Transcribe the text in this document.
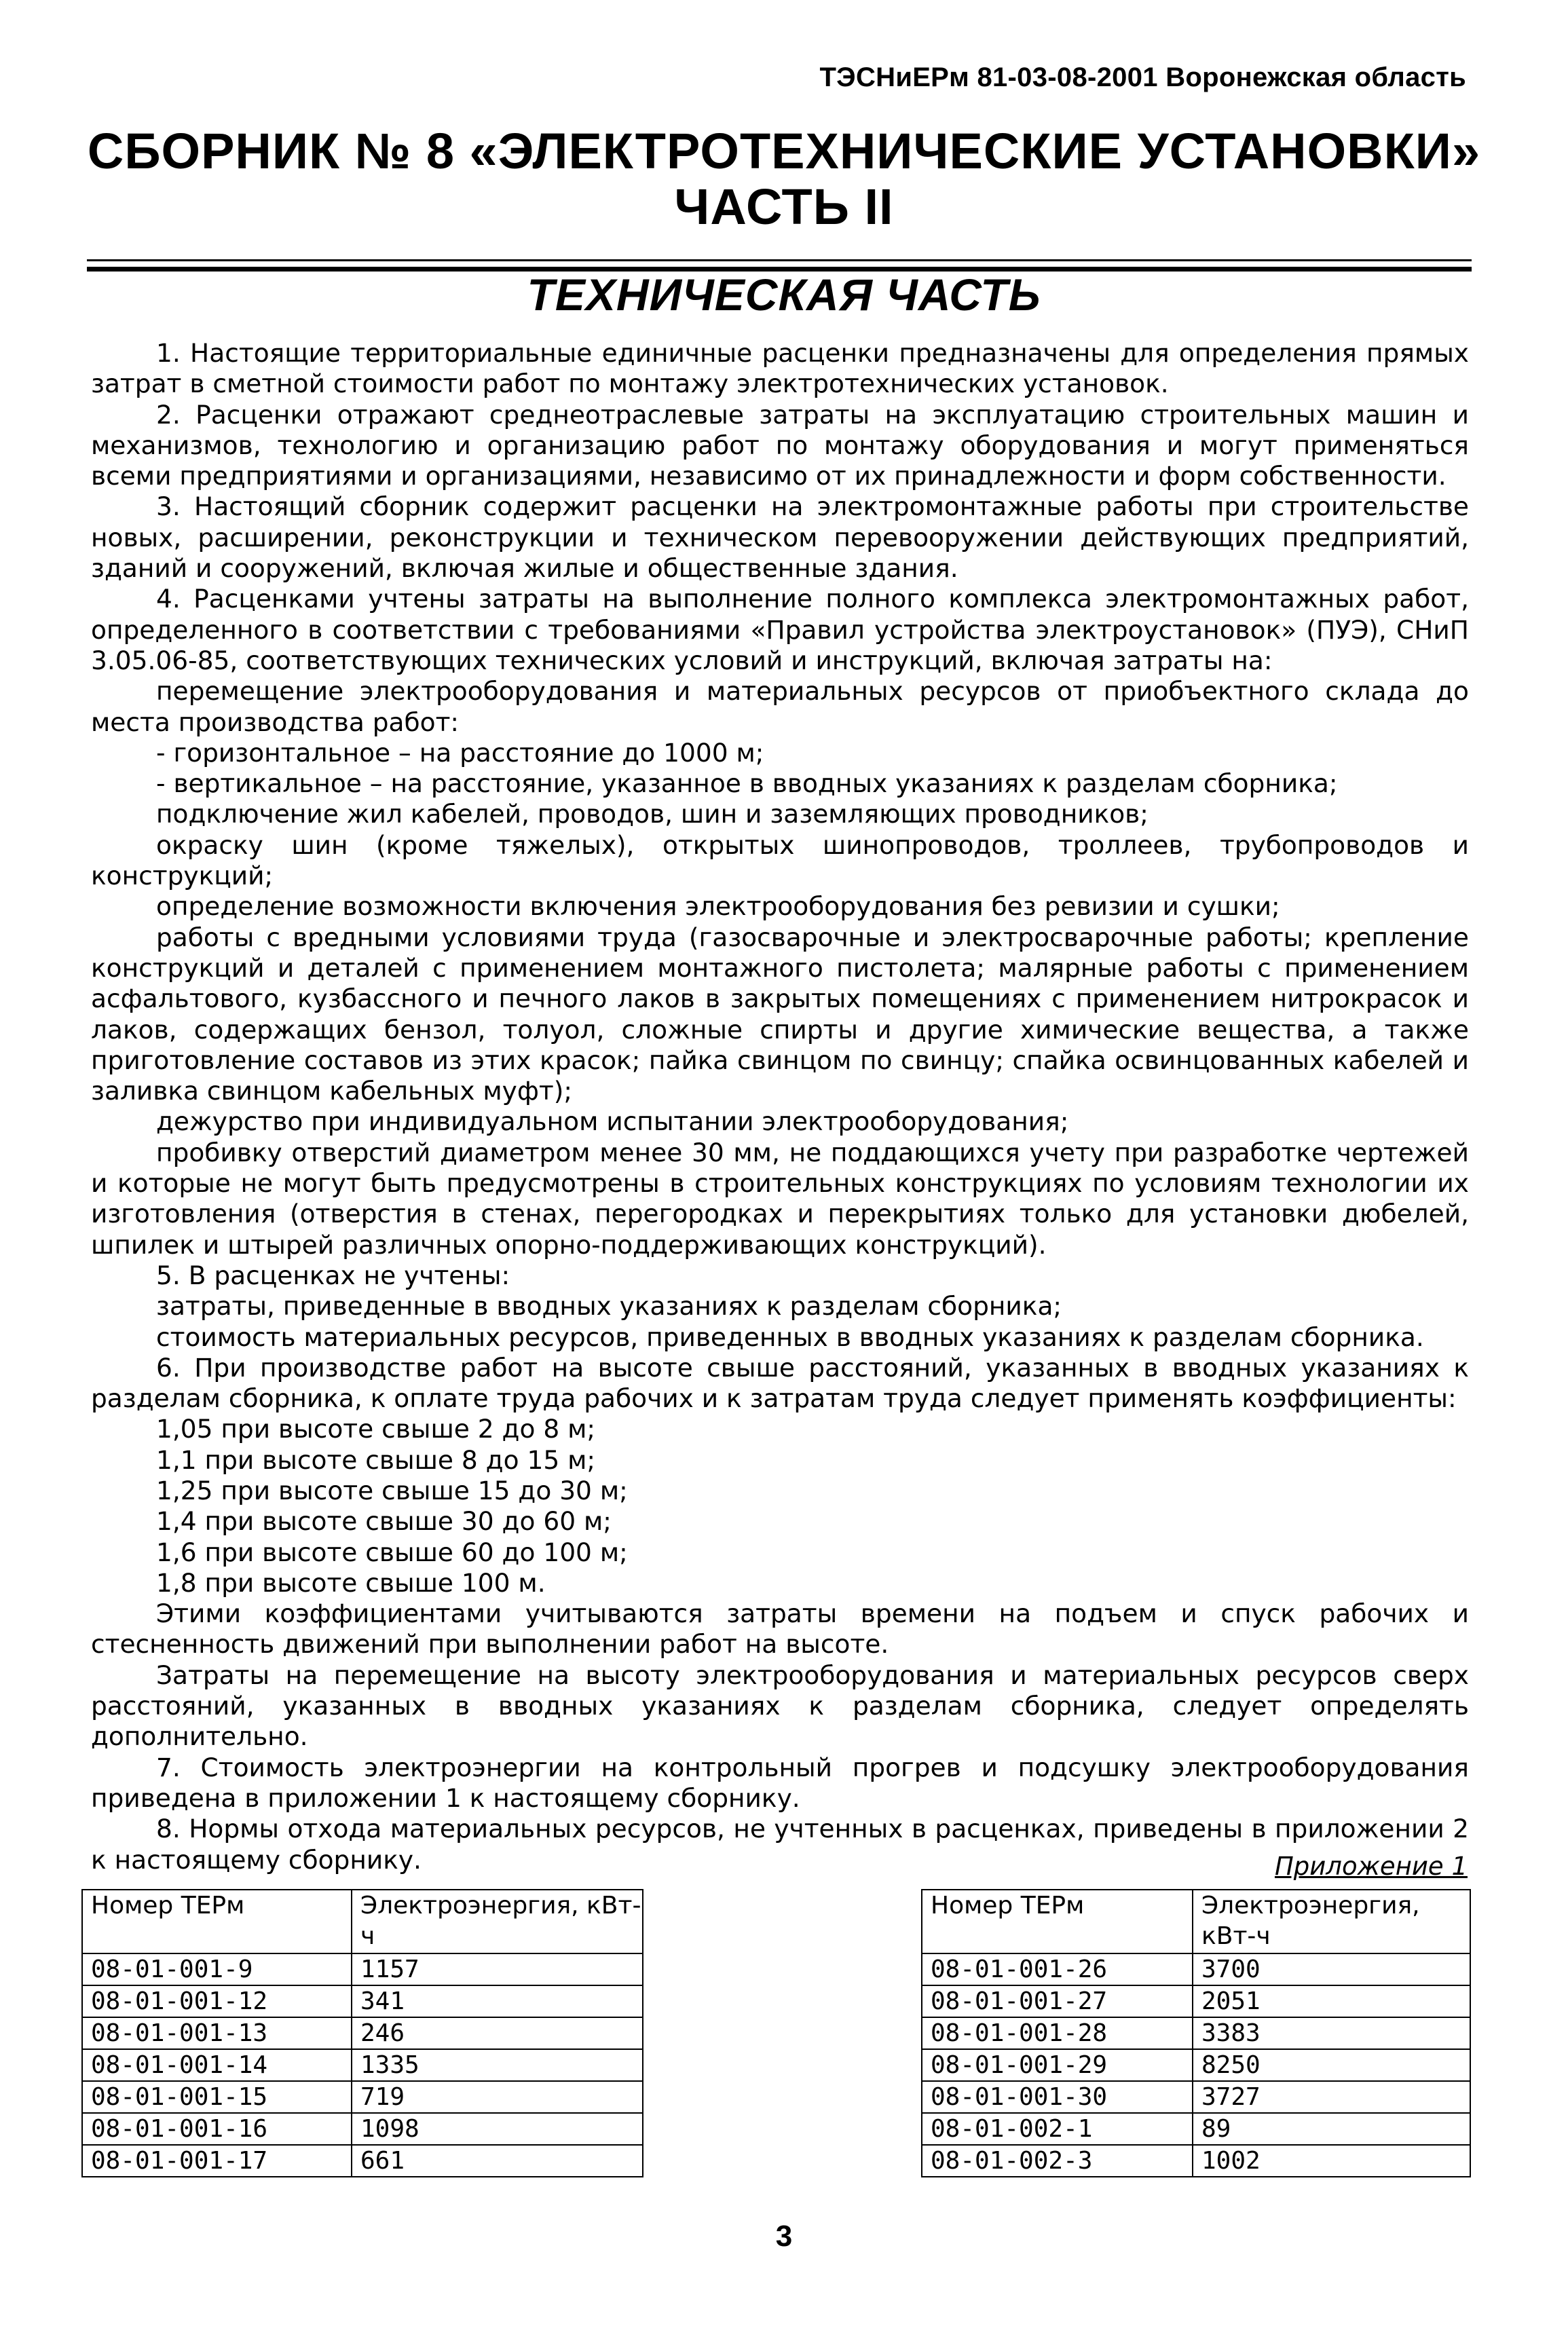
ТЭСНиЕРм 81-03-08-2001 Воронежская область
СБОРНИК № 8 «ЭЛЕКТРОТЕХНИЧЕСКИЕ УСТАНОВКИ»
ЧАСТЬ II
ТЕХНИЧЕСКАЯ ЧАСТЬ

1. Настоящие территориальные единичные расценки предназначены для определения прямых затрат в сметной стоимости работ по монтажу электротехнических установок.

2. Расценки отражают среднеотраслевые затраты на эксплуатацию строительных машин и механизмов, технологию и организацию работ по монтажу оборудования и могут применяться всеми предприятиями и организациями, независимо от их принадлежности и форм собственности.

3. Настоящий сборник содержит расценки на электромонтажные работы при строительстве новых, расширении, реконструкции и техническом перевооружении действующих предприятий, зданий и сооружений, включая жилые и общественные здания.

4. Расценками учтены затраты на выполнение полного комплекса электромонтажных работ, определенного в соответствии с требованиями «Правил устройства электроустановок» (ПУЭ), СНиП 3.05.06-85, соответствующих технических условий и инструкций, включая затраты на:

перемещение электрооборудования и материальных ресурсов от приобъектного склада до места производства работ:

- горизонтальное – на расстояние до 1000 м;

- вертикальное – на расстояние, указанное в вводных указаниях к разделам сборника;

подключение жил кабелей, проводов, шин и заземляющих проводников;

окраску шин (кроме тяжелых), открытых шинопроводов, троллеев, трубопроводов и конструкций;

определение возможности включения электрооборудования без ревизии и сушки;

работы с вредными условиями труда (газосварочные и электросварочные работы; крепление конструкций и деталей с применением монтажного пистолета; малярные работы с применением асфальтового, кузбассного и печного лаков в закрытых помещениях с применением нитрокрасок и лаков, содержащих бензол, толуол, сложные спирты и другие химические вещества, а также приготовление составов из этих красок; пайка свинцом по свинцу; спайка освинцованных кабелей и заливка свинцом кабельных муфт);

дежурство при индивидуальном испытании электрооборудования;

пробивку отверстий диаметром менее 30 мм, не поддающихся учету при разработке чертежей и которые не могут быть предусмотрены в строительных конструкциях по условиям технологии их изготовления (отверстия в стенах, перегородках и перекрытиях только для установки дюбелей, шпилек и штырей различных опорно-поддерживающих конструкций).

5. В расценках не учтены:

затраты, приведенные в вводных указаниях к разделам сборника;

стоимость материальных ресурсов, приведенных в вводных указаниях к разделам сборника.

6. При производстве работ на высоте свыше расстояний, указанных в вводных указаниях к разделам сборника, к оплате труда рабочих и к затратам труда следует применять коэффициенты:

1,05 при высоте свыше 2 до 8 м;

1,1 при высоте свыше 8 до 15 м;

1,25 при высоте свыше 15 до 30 м;

1,4 при высоте свыше 30 до 60 м;

1,6 при высоте свыше 60 до 100 м;

1,8 при высоте свыше 100 м.

Этими коэффициентами учитываются затраты времени на подъем и спуск рабочих и стесненность движений при выполнении работ на высоте.

Затраты на перемещение на высоту электрооборудования и материальных ресурсов сверх расстояний, указанных в вводных указаниях к разделам сборника, следует определять дополнительно.

7. Стоимость электроэнергии на контрольный прогрев и подсушку электрооборудования приведена в приложении 1 к настоящему сборнику.

8. Нормы отхода материальных ресурсов, не учтенных в расценках, приведены в приложении 2 к настоящему сборнику.	Приложение 1
Номер ТЕРм	Электроэнергия, кВт-ч
08-01-001-9	1157
08-01-001-12	341
08-01-001-13	246
08-01-001-14	1335
08-01-001-15	719
08-01-001-16	1098
08-01-001-17	661
Номер ТЕРм	Электроэнергия, кВт-ч
08-01-001-26	3700
08-01-001-27	2051
08-01-001-28	3383
08-01-001-29	8250
08-01-001-30	3727
08-01-002-1	89
08-01-002-3	1002
3
